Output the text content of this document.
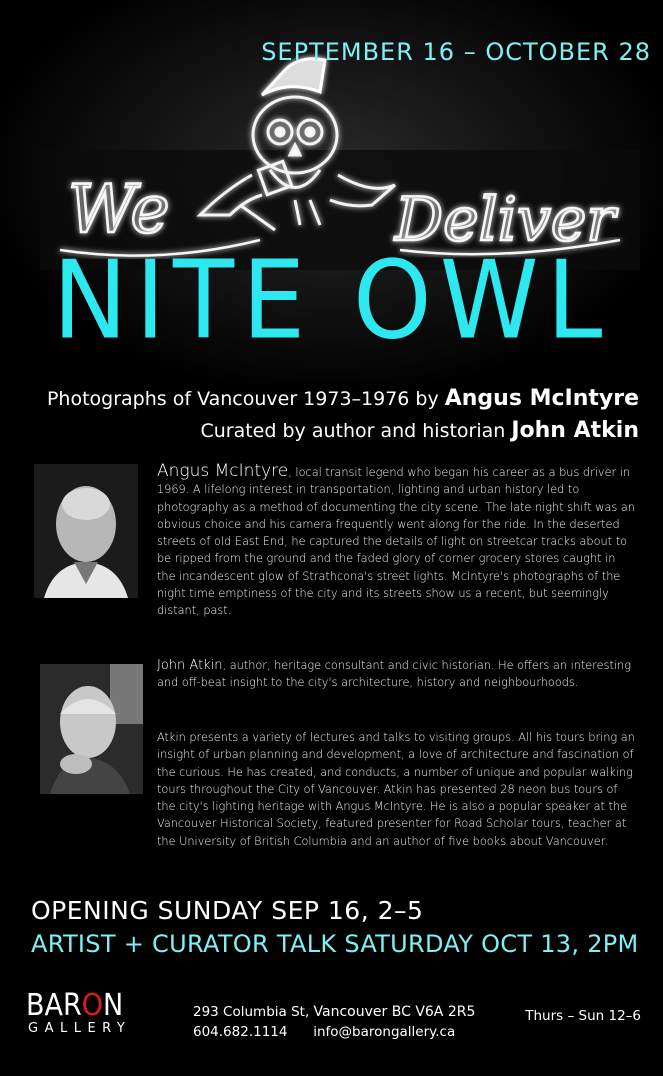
We	Deliver
SEPTEMBER 16 – OCTOBER 28
NITE OWL
Photographs of Vancouver 1973–1976 by Angus McIntyre
Curated by author and historian John Atkin
Angus McIntyre, local transit legend who began his career as a bus driver in 1969. A lifelong interest in transportation, lighting and urban history led to photography as a method of documenting the city scene. The late night shift was an obvious choice and his camera frequently went along for the ride. In the deserted streets of old East End, he captured the details of light on streetcar tracks about to be ripped from the ground and the faded glory of corner grocery stores caught in the incandescent glow of Strathcona's street lights. McIntyre's photographs of the night time emptiness of the city and its streets show us a recent, but seemingly distant, past.
John Atkin, author, heritage consultant and civic historian. He offers an interesting and off-beat insight to the city's architecture, history and neighbourhoods.
Atkin presents a variety of lectures and talks to visiting groups. All his tours bring an insight of urban planning and development, a love of architecture and fascination of the curious. He has created, and conducts, a number of unique and popular walking tours throughout the City of Vancouver. Atkin has presented 28 neon bus tours of the city's lighting heritage with Angus McIntyre. He is also a popular speaker at the Vancouver Historical Society, featured presenter for Road Scholar tours, teacher at the University of British Columbia and an author of five books about Vancouver.
OPENING SUNDAY SEP 16, 2–5
ARTIST + CURATOR TALK SATURDAY OCT 13, 2PM
BARON
GALLERY
293 Columbia St, Vancouver BC V6A 2R5
604.682.1114 info@barongallery.ca
Thurs – Sun 12–6
